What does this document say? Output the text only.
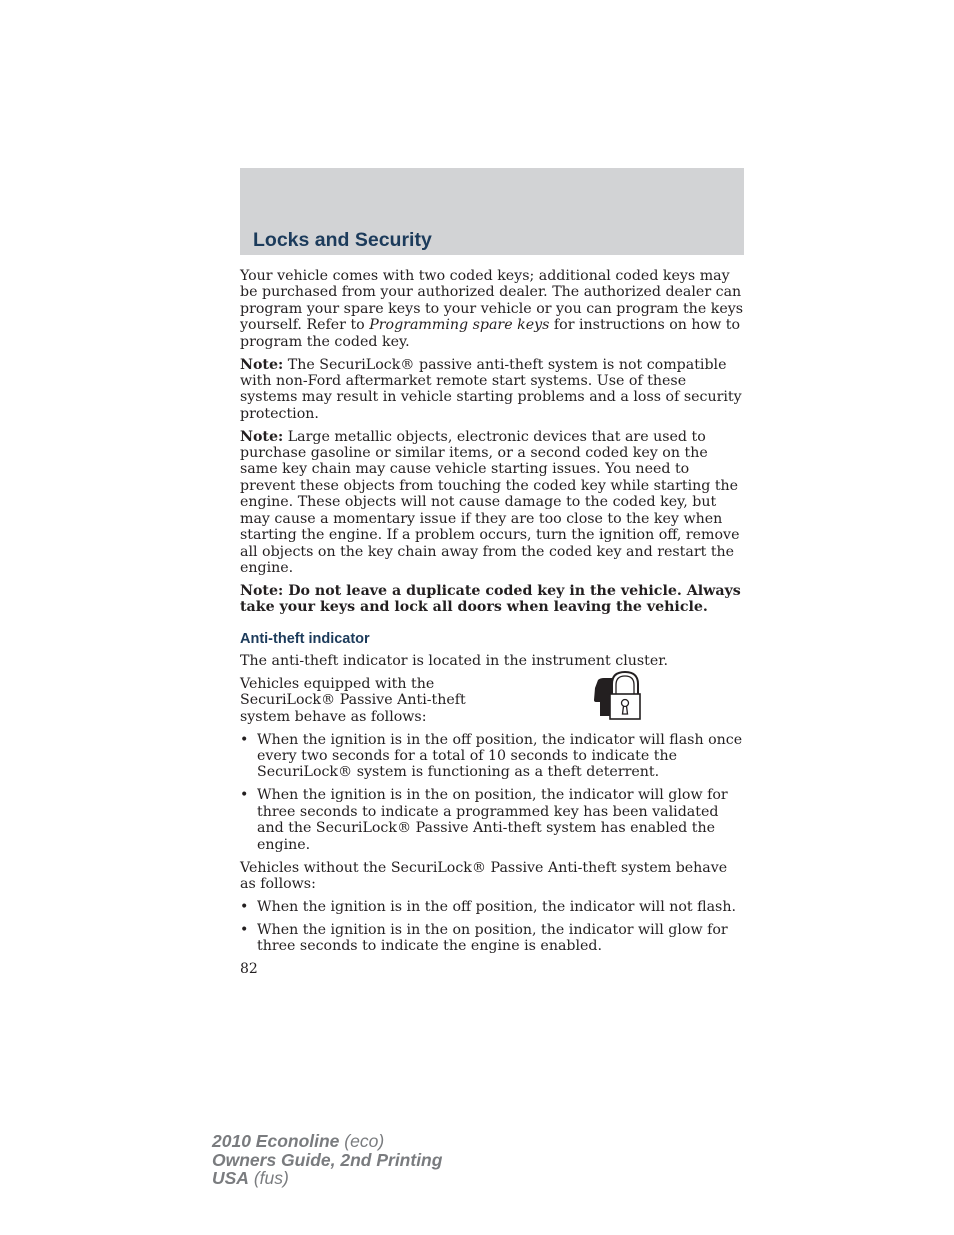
Locks and Security

Your vehicle comes with two coded keys; additional coded keys may be purchased from your authorized dealer. The authorized dealer can program your spare keys to your vehicle or you can program the keys yourself. Refer to Programming spare keys for instructions on how to program the coded key.

Note: The SecuriLock® passive anti-theft system is not compatible with non-Ford aftermarket remote start systems. Use of these systems may result in vehicle starting problems and a loss of security protection.

Note: Large metallic objects, electronic devices that are used to purchase gasoline or similar items, or a second coded key on the same key chain may cause vehicle starting issues. You need to prevent these objects from touching the coded key while starting the engine. These objects will not cause damage to the coded key, but may cause a momentary issue if they are too close to the key when starting the engine. If a problem occurs, turn the ignition off, remove all objects on the key chain away from the coded key and restart the engine.

Note: Do not leave a duplicate coded key in the vehicle. Always take your keys and lock all doors when leaving the vehicle.

Anti-theft indicator

The anti-theft indicator is located in the instrument cluster.

Vehicles equipped with the SecuriLock® Passive Anti-theft system behave as follows:
• When the ignition is in the off position, the indicator will flash once every two seconds for a total of 10 seconds to indicate the SecuriLock® system is functioning as a theft deterrent.
• When the ignition is in the on position, the indicator will glow for three seconds to indicate a programmed key has been validated and the SecuriLock® Passive Anti-theft system has enabled the engine.

Vehicles without the SecuriLock® Passive Anti-theft system behave as follows:

• When the ignition is in the off position, the indicator will not flash.
• When the ignition is in the on position, the indicator will glow for three seconds to indicate the engine is enabled.
82
2010 Econoline (eco)
Owners Guide, 2nd Printing
USA (fus)
